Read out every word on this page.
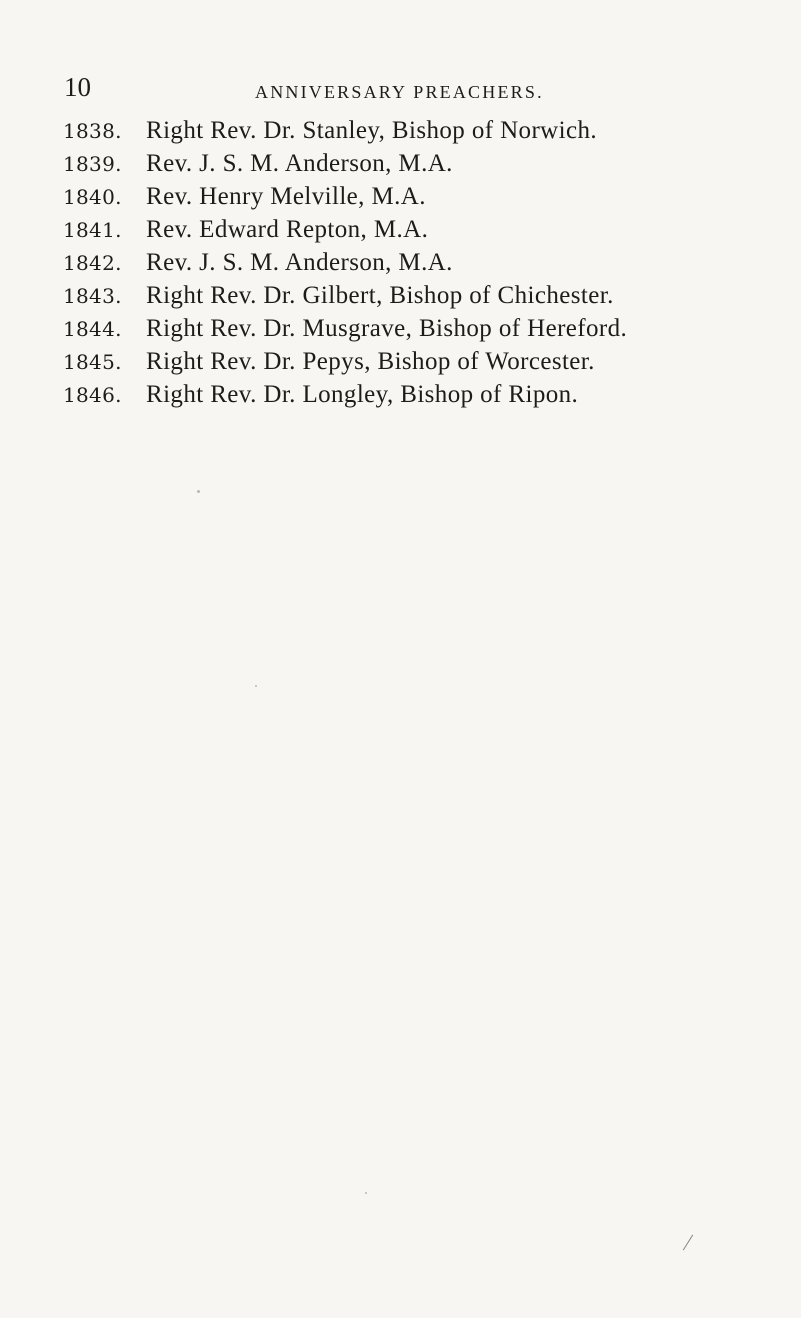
10	ANNIVERSARY PREACHERS.
1838. Right Rev. Dr. Stanley, Bishop of Norwich.
1839. Rev. J. S. M. Anderson, M.A.
1840. Rev. Henry Melville, M.A.
1841. Rev. Edward Repton, M.A.
1842. Rev. J. S. M. Anderson, M.A.
1843. Right Rev. Dr. Gilbert, Bishop of Chichester.
1844. Right Rev. Dr. Musgrave, Bishop of Hereford.
1845. Right Rev. Dr. Pepys, Bishop of Worcester.
1846. Right Rev. Dr. Longley, Bishop of Ripon.
